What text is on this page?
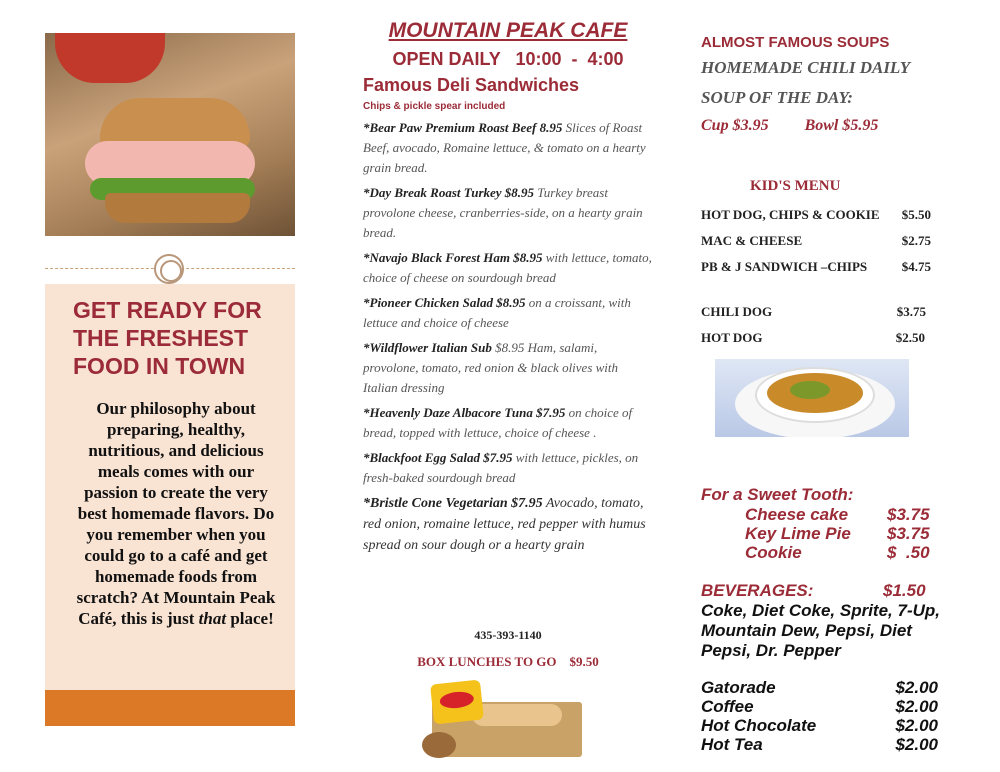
GET READY FOR
THE FRESHEST
FOOD IN TOWN
Our philosophy about preparing, healthy, nutritious, and delicious meals comes with our passion to create the very best homemade flavors. Do you remember when you could go to a café and get homemade foods from scratch? At Mountain Peak Café, this is just that place!
MOUNTAIN PEAK CAFE
OPEN DAILY   10:00  -  4:00
Famous Deli Sandwiches
Chips & pickle spear included
*Bear Paw Premium Roast Beef 8.95 Slices of Roast Beef, avocado, Romaine lettuce, & tomato on a hearty grain bread.
*Day Break Roast Turkey $8.95 Turkey breast provolone cheese, cranberries-side, on a hearty grain bread.
*Navajo Black Forest Ham $8.95 with lettuce, tomato, choice of cheese on sourdough bread
*Pioneer Chicken Salad $8.95 on a croissant, with lettuce and choice of cheese
*Wildflower Italian Sub $8.95 Ham, salami, provolone, tomato, red onion & black olives with Italian dressing
*Heavenly Daze Albacore Tuna $7.95 on choice of bread, topped with lettuce, choice of cheese .
*Blackfoot Egg Salad $7.95 with lettuce, pickles, on fresh-baked sourdough bread
*Bristle Cone Vegetarian $7.95 Avocado, tomato, red onion, romaine lettuce, red pepper with humus spread on sour dough or a hearty grain
435-393-1140
BOX LUNCHES TO GO    $9.50
ALMOST FAMOUS SOUPS
HOMEMADE CHILI DAILY
SOUP OF THE DAY:
Cup $3.95 Bowl $5.95
KID'S MENU
HOT DOG, CHIPS & COOKIE $5.50
MAC & CHEESE	$2.75
PB & J SANDWICH –CHIPS	$4.75
CHILI DOG	$3.75
HOT DOG	$2.50
For a Sweet Tooth:
Cheese cake $3.75
Key Lime Pie $3.75
Cookie	$  .50
BEVERAGES:	$1.50
Coke, Diet Coke, Sprite, 7-Up, Mountain Dew, Pepsi, Diet Pepsi, Dr. Pepper
Gatorade	$2.00
Coffee	$2.00
Hot Chocolate	$2.00
Hot Tea	$2.00
